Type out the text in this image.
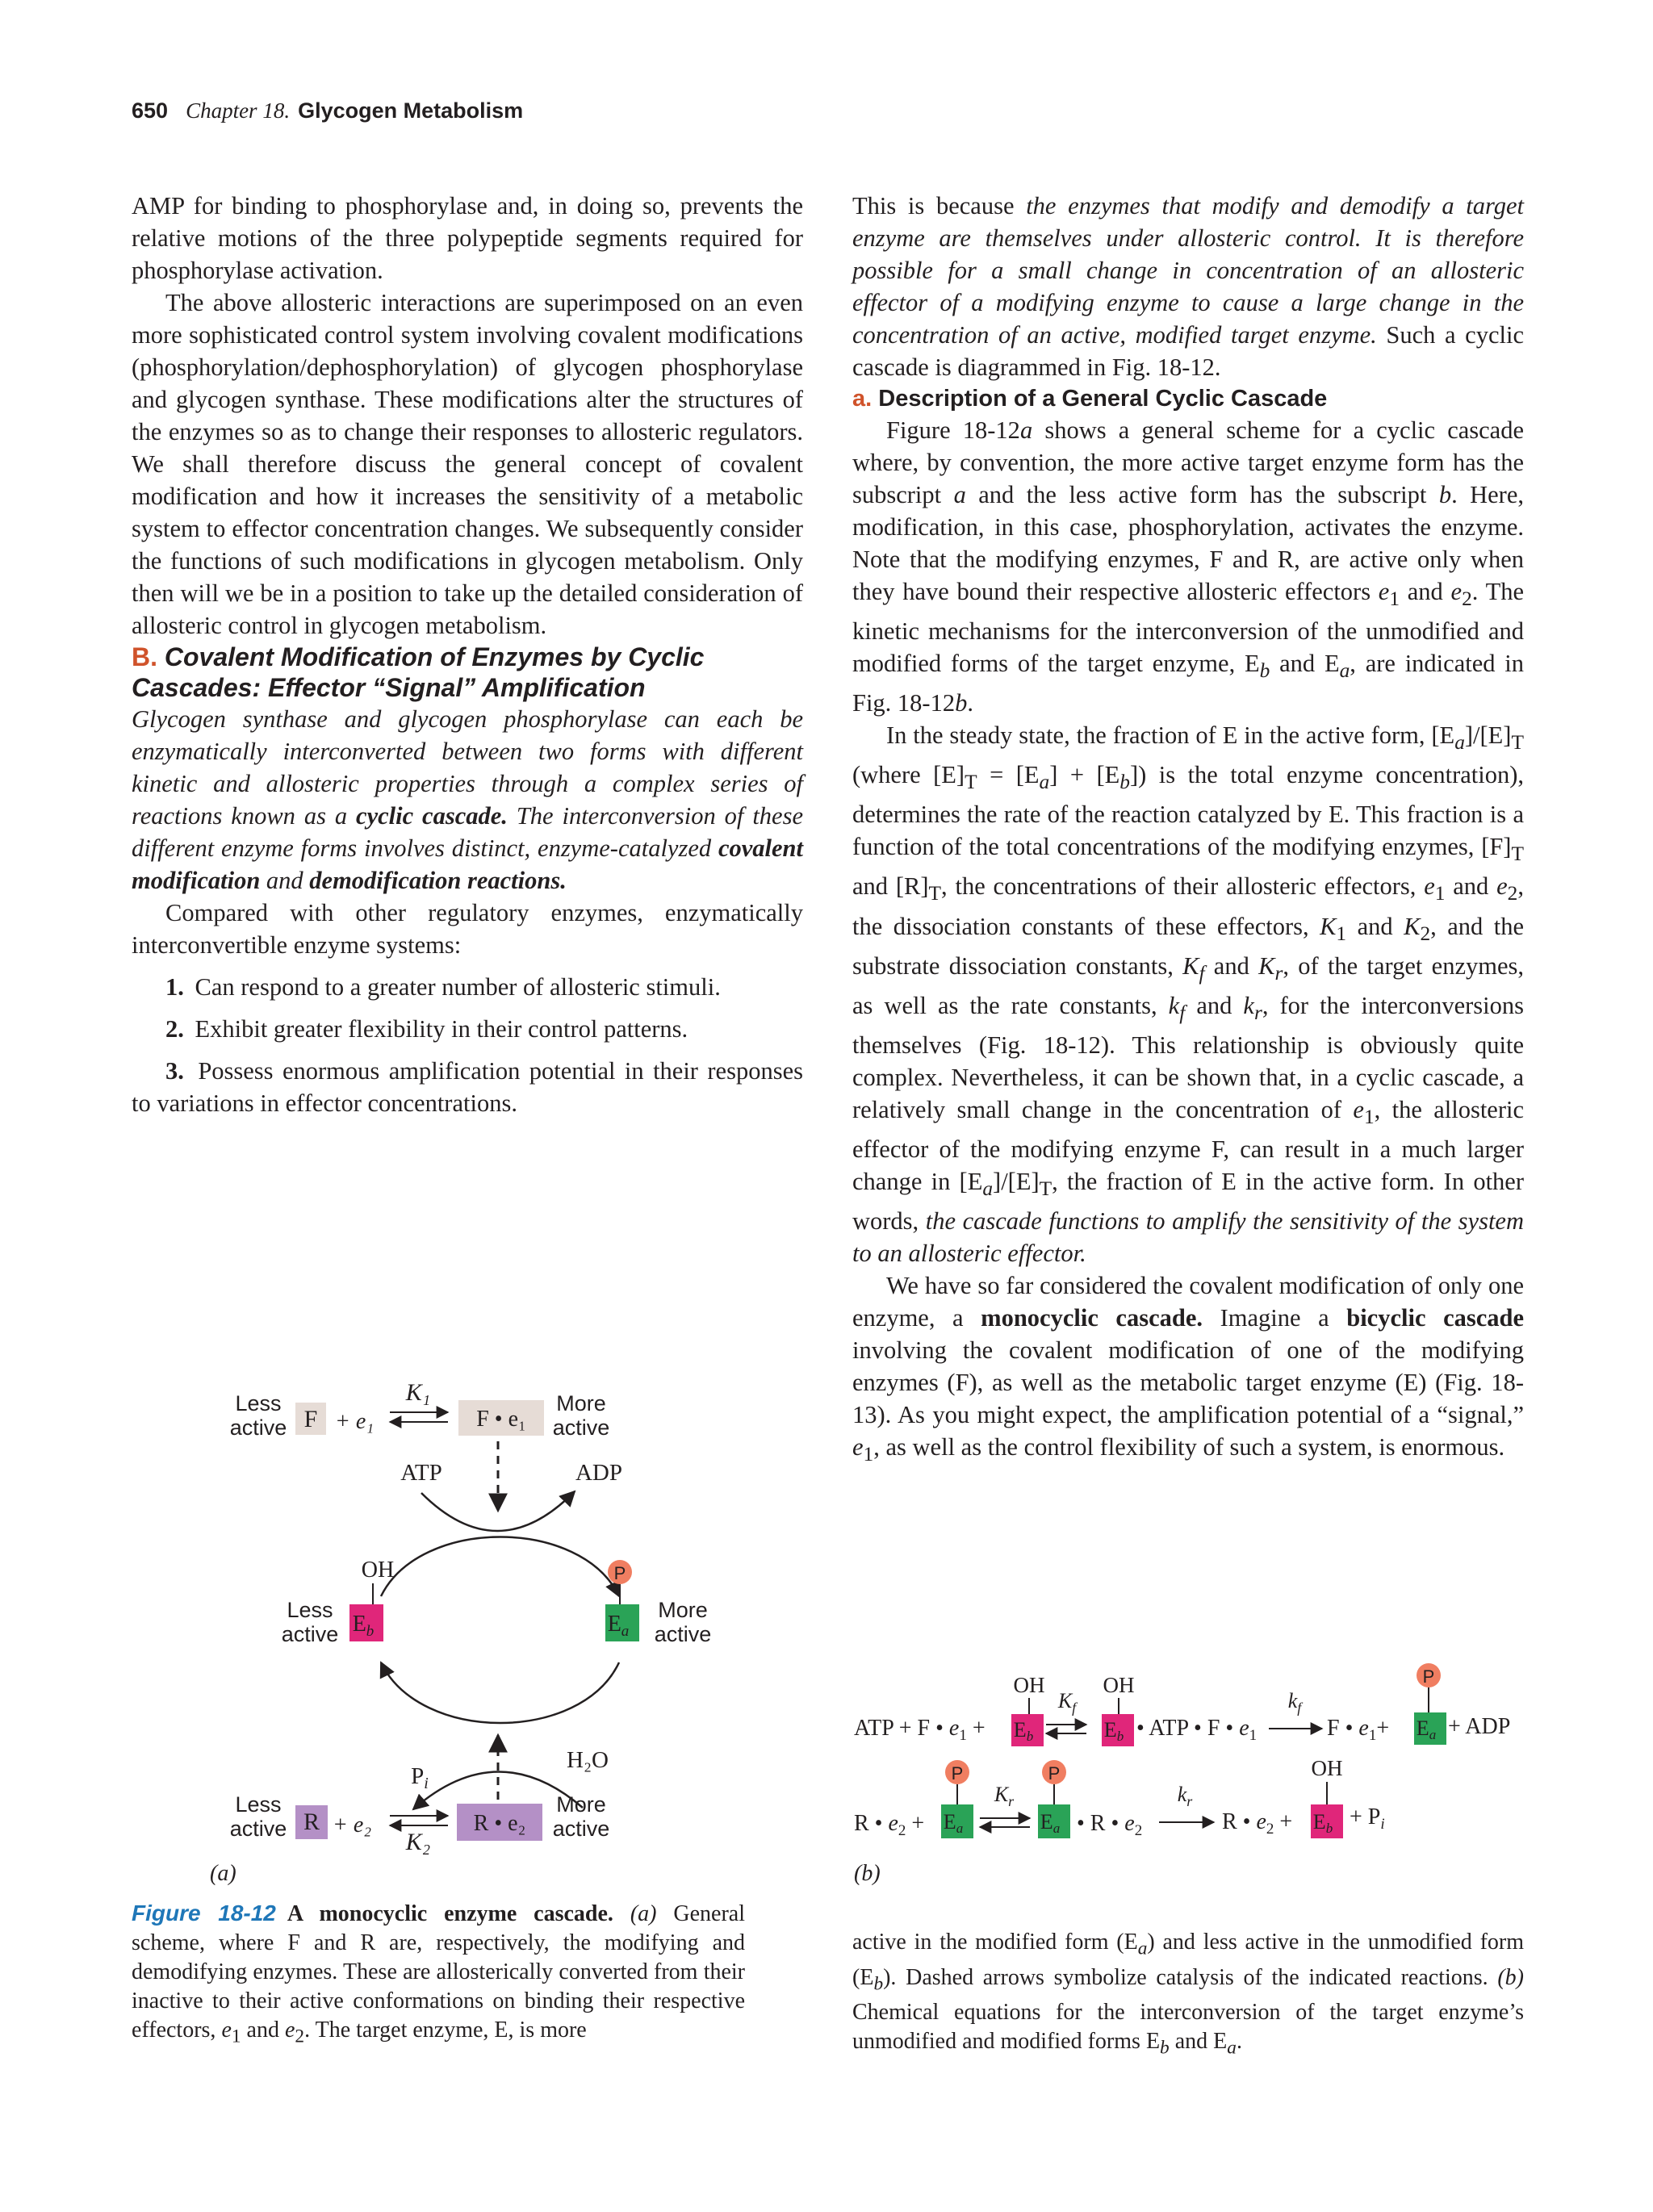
650 Chapter 18. Glycogen Metabolism

AMP for binding to phosphorylase and, in doing so, prevents the relative motions of the three polypeptide segments required for phosphorylase activation.

The above allosteric interactions are superimposed on an even more sophisticated control system involving covalent modifications (phosphorylation/dephosphorylation) of glycogen phosphorylase and glycogen synthase. These modifications alter the structures of the enzymes so as to change their responses to allosteric regulators. We shall therefore discuss the general concept of covalent modification and how it increases the sensitivity of a metabolic system to effector concentration changes. We subsequently consider the functions of such modifications in glycogen metabolism. Only then will we be in a position to take up the detailed consideration of allosteric control in glycogen metabolism.

B. Covalent Modification of Enzymes by Cyclic Cascades: Effector “Signal” Amplification

Glycogen synthase and glycogen phosphorylase can each be enzymatically interconverted between two forms with different kinetic and allosteric properties through a complex series of reactions known as a cyclic cascade. The interconversion of these different enzyme forms involves distinct, enzyme-catalyzed covalent modification and demodification reactions.

Compared with other regulatory enzymes, enzymatically interconvertible enzyme systems:

1. Can respond to a greater number of allosteric stimuli.

2. Exhibit greater flexibility in their control patterns.

3. Possess enormous amplification potential in their responses to variations in effector concentrations.

This is because the enzymes that modify and demodify a target enzyme are themselves under allosteric control. It is therefore possible for a small change in concentration of an allosteric effector of a modifying enzyme to cause a large change in the concentration of an active, modified target enzyme. Such a cyclic cascade is diagrammed in Fig. 18-12.

a. Description of a General Cyclic Cascade

Figure 18-12a shows a general scheme for a cyclic cascade where, by convention, the more active target enzyme form has the subscript a and the less active form has the subscript b. Here, modification, in this case, phosphorylation, activates the enzyme. Note that the modifying enzymes, F and R, are active only when they have bound their respective allosteric effectors $e_1$ and $e_2$. The kinetic mechanisms for the interconversion of the unmodified and modified forms of the target enzyme, $E_b$ and $E_a$, are indicated in Fig. 18-12b.

In the steady state, the fraction of E in the active form, $[E_a]/[E]_T$ (where $[E]_T = [E_a] + [E_b]$) is the total enzyme concentration), determines the rate of the reaction catalyzed by E. This fraction is a function of the total concentrations of the modifying enzymes, $[F]_T$ and $[R]_T$, the concentrations of their allosteric effectors, $e_1$ and $e_2$, the dissociation constants of these effectors, $K_1$ and $K_2$, and the substrate dissociation constants, $K_f$ and $K_r$, of the target enzymes, as well as the rate constants, $k_f$ and $k_r$, for the interconversions themselves (Fig. 18-12). This relationship is obviously quite complex. Nevertheless, it can be shown that, in a cyclic cascade, a relatively small change in the concentration of $e_1$, the allosteric effector of the modifying enzyme F, can result in a much larger change in $[E_a]/[E]_T$, the fraction of E in the active form. In other words, the cascade functions to amplify the sensitivity of the system to an allosteric effector.

We have so far considered the covalent modification of only one enzyme, a monocyclic cascade. Imagine a bicyclic cascade involving the covalent modification of one of the modifying enzymes (F), as well as the metabolic target enzyme (E) (Fig. 18-13). As you might expect, the amplification potential of a “signal,” $e_1$, as well as the control flexibility of such a system, is enormous.

Less active F + e₁
K₁
F • e₁
More active
ATP	ADP
OH
Less active $E_b$
P
$E_a$
More active
$P_i$
H₂O
Less active R + e₂
K₂
R • e₂
More active
(a)
ATP + F • $e_1$ +
OH
Eb
$K_f$
OH
Eb • ATP • F • $e_1$
$k_f$
F • $e_1+$
P
Ea + ADP
P
R • $e_2 + Ea$
$K_r$
P
Ea • R • $e_2$
$k_r$
R • $e_2$ +
OH
$Eb + P_i$
(b)
Figure 18-12 A monocyclic enzyme cascade. (a) General scheme, where F and R are, respectively, the modifying and demodifying enzymes. These are allosterically converted from their inactive to their active conformations on binding their respective effectors, $e_1$ and $e_2$. The target enzyme, E, is more
active in the modified form $(E_a)$ and less active in the unmodified form $(E_b)$. Dashed arrows symbolize catalysis of the indicated reactions. (b) Chemical equations for the interconversion of the target enzyme’s unmodified and modified forms $E_b$ and $E_a$.
